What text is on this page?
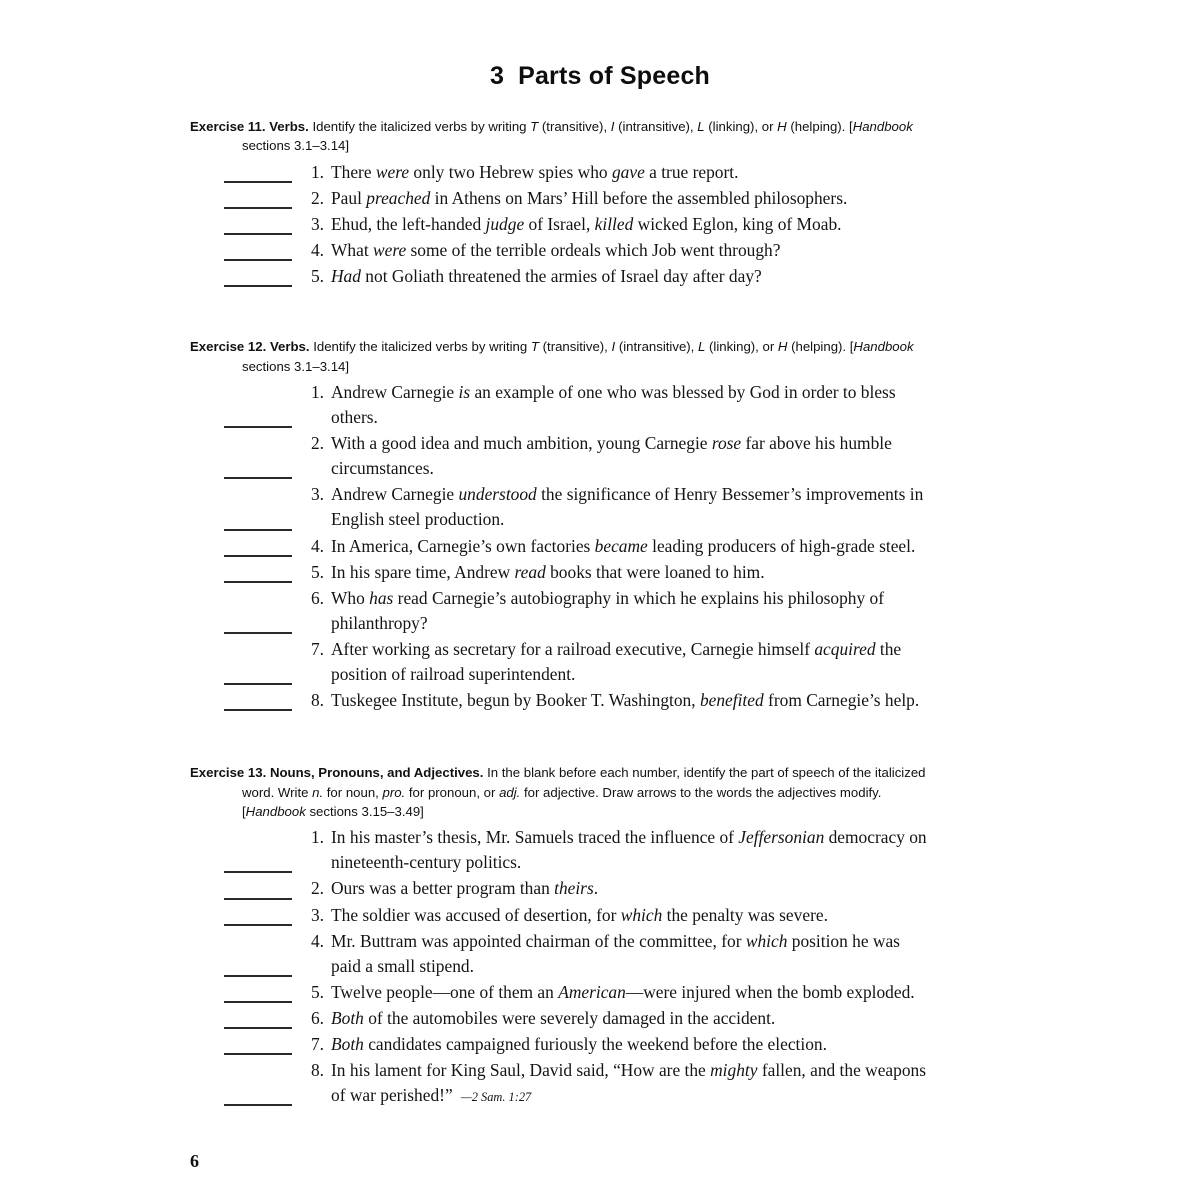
3 Parts of Speech

Exercise 11. Verbs. Identify the italicized verbs by writing T (transitive), I (intransitive), L (linking), or H (helping). [Handbook sections 3.1–3.14]

1. There were only two Hebrew spies who gave a true report.
2. Paul preached in Athens on Mars’ Hill before the assembled philosophers.
3. Ehud, the left-handed judge of Israel, killed wicked Eglon, king of Moab.
4. What were some of the terrible ordeals which Job went through?
5. Had not Goliath threatened the armies of Israel day after day?

Exercise 12. Verbs. Identify the italicized verbs by writing T (transitive), I (intransitive), L (linking), or H (helping). [Handbook sections 3.1–3.14]

1. Andrew Carnegie is an example of one who was blessed by God in order to bless others.
2. With a good idea and much ambition, young Carnegie rose far above his humble circumstances.
3. Andrew Carnegie understood the significance of Henry Bessemer’s improvements in English steel production.
4. In America, Carnegie’s own factories became leading producers of high-grade steel.
5. In his spare time, Andrew read books that were loaned to him.
6. Who has read Carnegie’s autobiography in which he explains his philosophy of philanthropy?
7. After working as secretary for a railroad executive, Carnegie himself acquired the position of railroad superintendent.
8. Tuskegee Institute, begun by Booker T. Washington, benefited from Carnegie’s help.

Exercise 13. Nouns, Pronouns, and Adjectives. In the blank before each number, identify the part of speech of the italicized word. Write n. for noun, pro. for pronoun, or adj. for adjective. Draw arrows to the words the adjectives modify. [Handbook sections 3.15–3.49]

1. In his master’s thesis, Mr. Samuels traced the influence of Jeffersonian democracy on nineteenth-century politics.
2. Ours was a better program than theirs.
3. The soldier was accused of desertion, for which the penalty was severe.
4. Mr. Buttram was appointed chairman of the committee, for which position he was paid a small stipend.
5. Twelve people—one of them an American—were injured when the bomb exploded.
6. Both of the automobiles were severely damaged in the accident.
7. Both candidates campaigned furiously the weekend before the election.
8. In his lament for King Saul, David said, “How are the mighty fallen, and the weapons of war perished!” —2 Sam. 1:27
6
